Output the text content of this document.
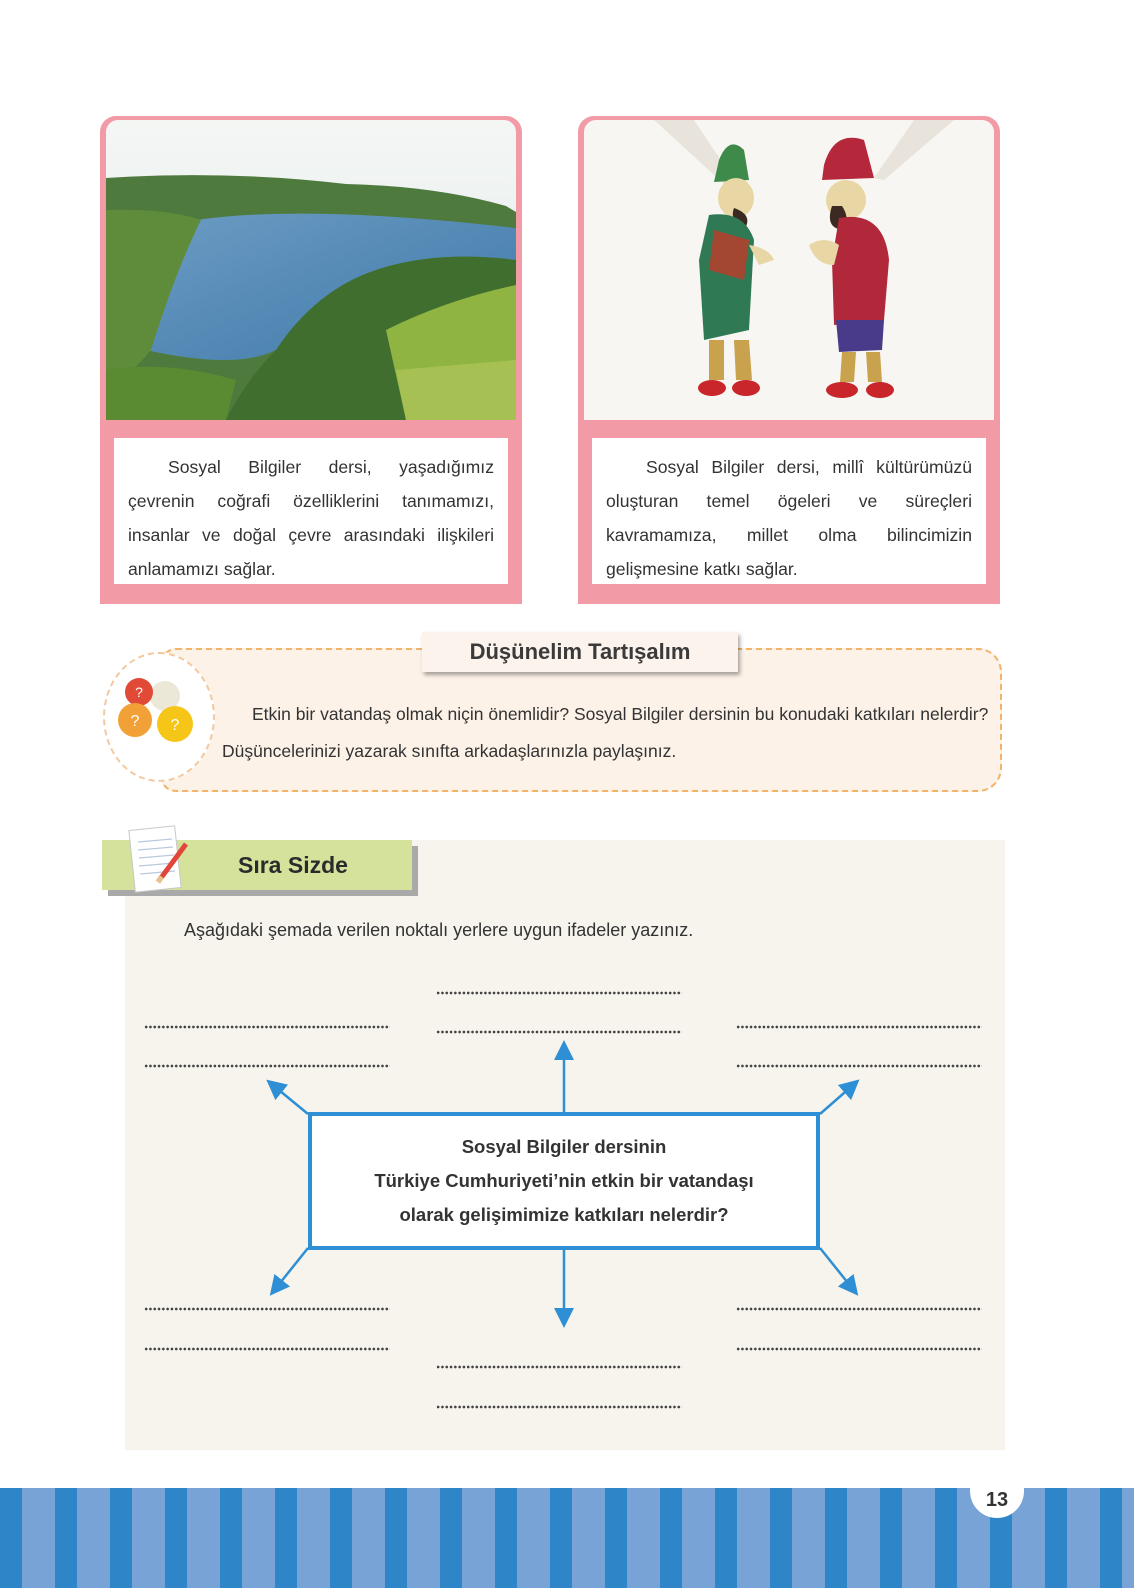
Sosyal Bilgiler dersi, yaşadığımız çevrenin coğrafi özelliklerini tanımamızı, insanlar ve doğal çevre arasındaki ilişkileri anlamamızı sağlar.
Sosyal Bilgiler dersi, millî kültürümüzü oluşturan temel ögeleri ve süreçleri kavramamıza, millet olma bilincimizin gelişmesine katkı sağlar.
Düşünelim Tartışalım
?
? ?
Etkin bir vatandaş olmak niçin önemlidir? Sosyal Bilgiler dersinin bu konudaki katkıları nelerdir? Düşüncelerinizi yazarak sınıfta arkadaşlarınızla paylaşınız.
Sıra Sizde
Aşağıdaki şemada verilen noktalı yerlere uygun ifadeler yazınız.
Sosyal Bilgiler dersinin
Türkiye Cumhuriyeti’nin etkin bir vatandaşı
olarak gelişimimize katkıları nelerdir?
13
